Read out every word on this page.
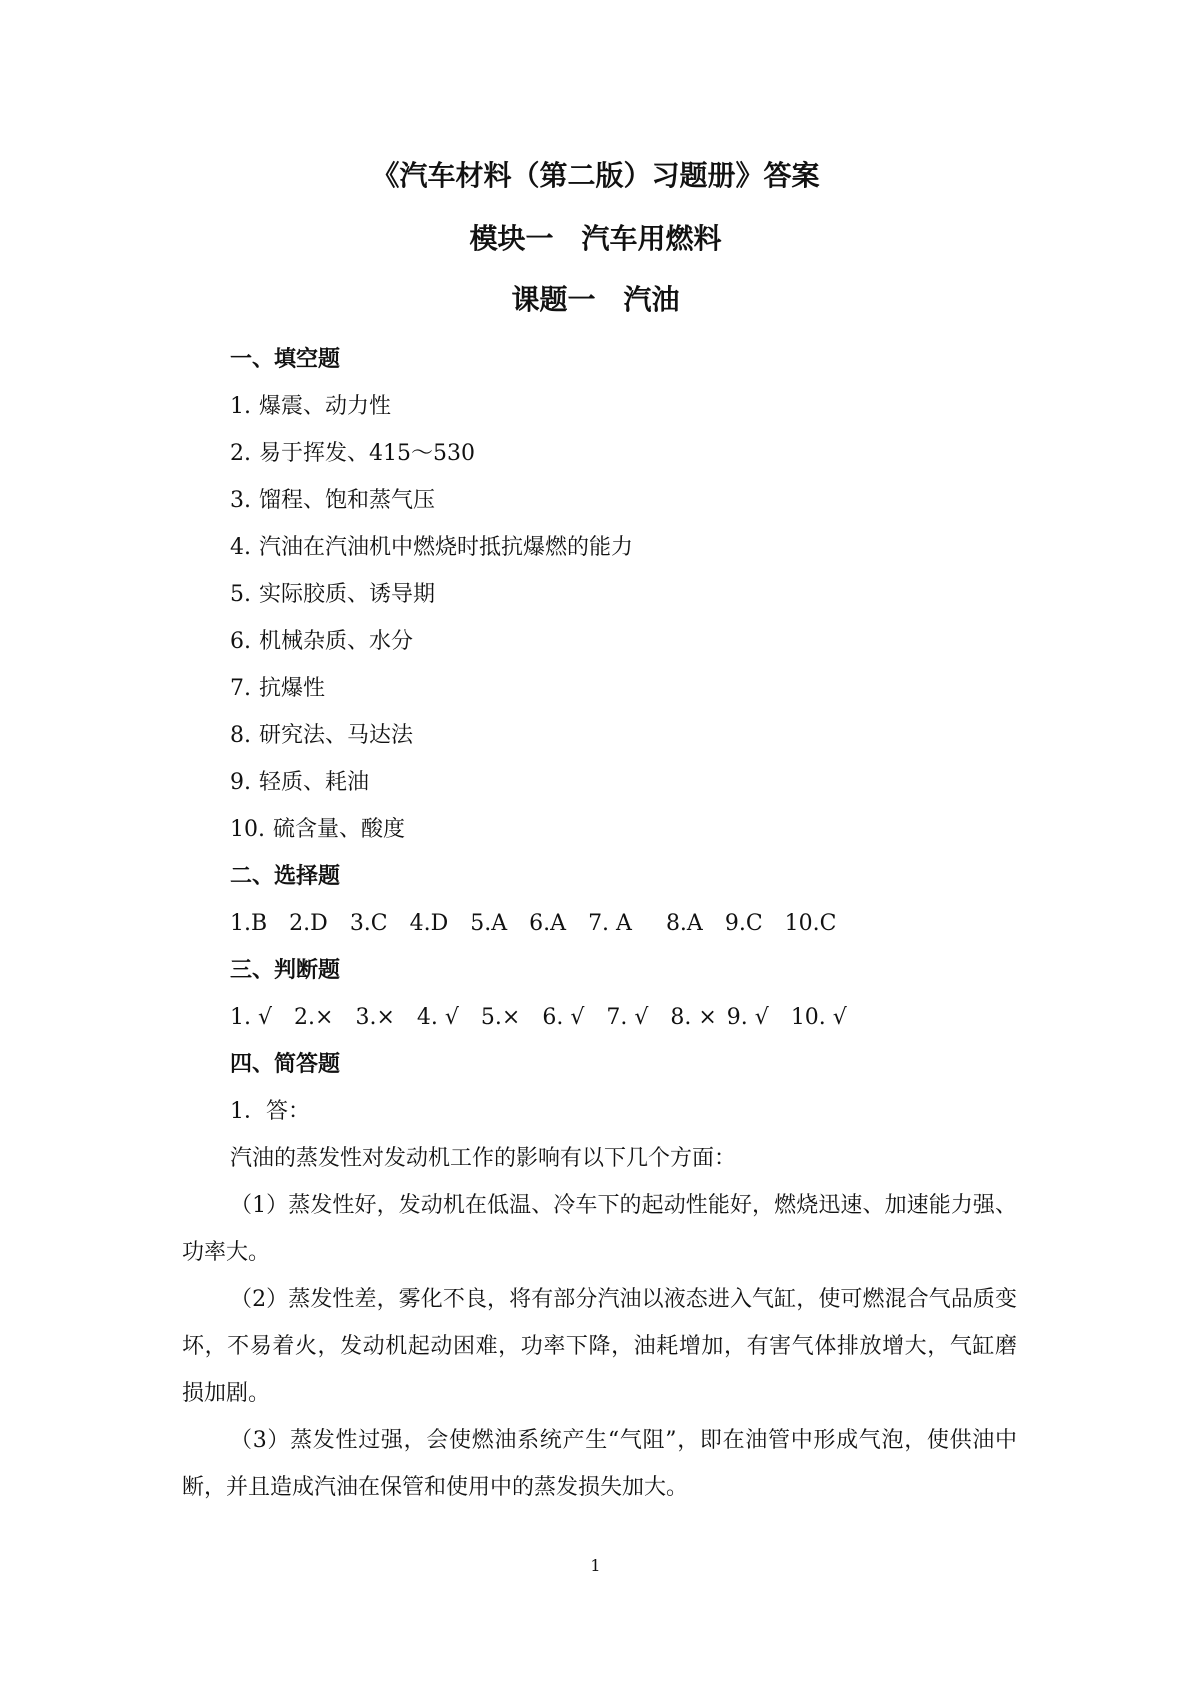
《汽车材料（第二版）习题册》答案
模块一　汽车用燃料
课题一　汽油
一、填空题
1. 爆震、动力性
2. 易于挥发、415～530
3. 馏程、饱和蒸气压
4. 汽油在汽油机中燃烧时抵抗爆燃的能力
5. 实际胶质、诱导期
6. 机械杂质、水分
7. 抗爆性
8. 研究法、马达法
9. 轻质、耗油
10. 硫含量、酸度
二、选择题
1.B 2.D 3.C 4.D 5.A 6.A 7. A 8.A 9.C 10.C
三、判断题
1. √ 2.× 3.× 4. √ 5.× 6. √ 7. √ 8. × 9. √ 10. √
四、简答题
1．答：
汽油的蒸发性对发动机工作的影响有以下几个方面：
（1）蒸发性好，发动机在低温、冷车下的起动性能好，燃烧迅速、加速能力强、功率大。
（2）蒸发性差，雾化不良，将有部分汽油以液态进入气缸，使可燃混合气品质变坏，不易着火，发动机起动困难，功率下降，油耗增加，有害气体排放增大，气缸磨损加剧。
（3）蒸发性过强，会使燃油系统产生“气阻”，即在油管中形成气泡，使供油中断，并且造成汽油在保管和使用中的蒸发损失加大。
1
